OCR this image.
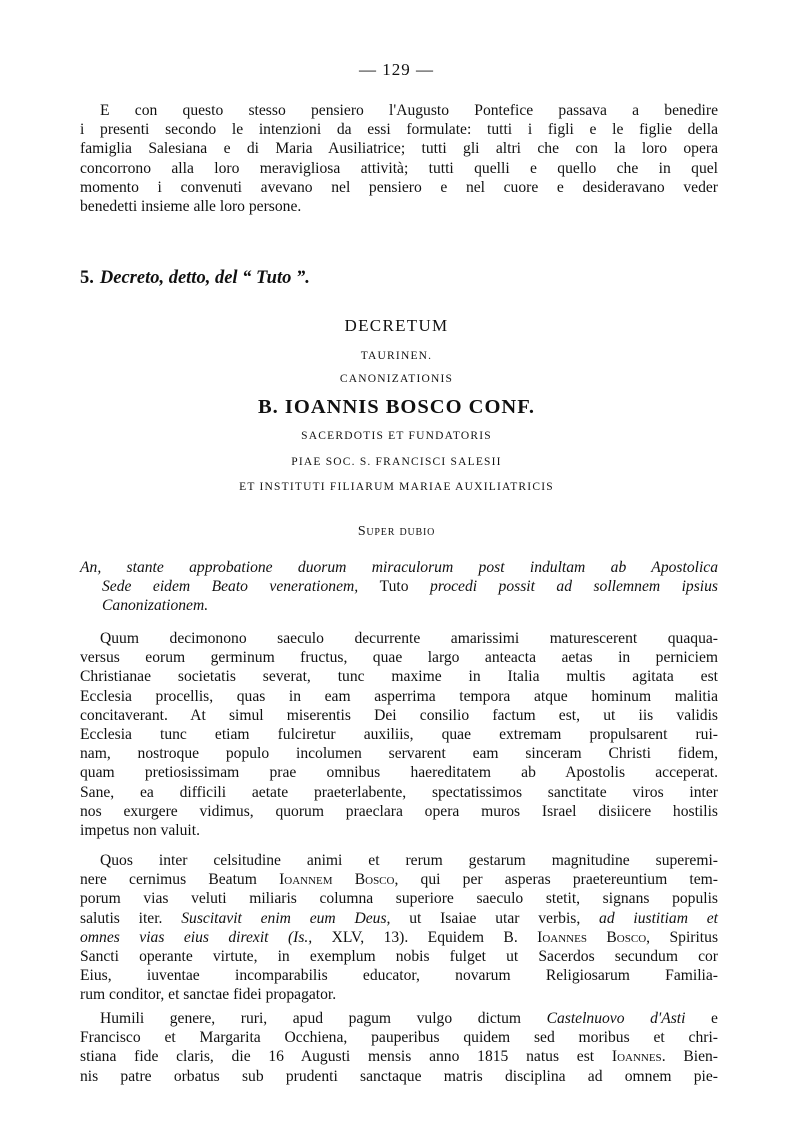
— 129 —
E con questo stesso pensiero l'Augusto Pontefice passava a benedire
i presenti secondo le intenzioni da essi formulate: tutti i figli e le figlie della
famiglia Salesiana e di Maria Ausiliatrice; tutti gli altri che con la loro opera
concorrono alla loro meravigliosa attività; tutti quelli e quello che in quel
momento i convenuti avevano nel pensiero e nel cuore e desideravano veder
benedetti insieme alle loro persone.
5. Decreto, detto, del “ Tuto ”.
DECRETUM
TAURINEN.
CANONIZATIONIS
B. IOANNIS BOSCO CONF.
SACERDOTIS ET FUNDATORIS
PIAE SOC. S. FRANCISCI SALESII
ET INSTITUTI FILIARUM MARIAE AUXILIATRICIS
Super dubio
An, stante approbatione duorum miraculorum post indultam ab Apostolica
Sede eidem Beato venerationem, Tuto procedi possit ad sollemnem ipsius
Canonizationem.
Quum decimonono saeculo decurrente amarissimi maturescerent quaqua-
versus eorum germinum fructus, quae largo anteacta aetas in perniciem
Christianae societatis severat, tunc maxime in Italia multis agitata est
Ecclesia procellis, quas in eam asperrima tempora atque hominum malitia
concitaverant. At simul miserentis Dei consilio factum est, ut iis validis
Ecclesia tunc etiam fulciretur auxiliis, quae extremam propulsarent rui-
nam, nostroque populo incolumen servarent eam sinceram Christi fidem,
quam pretiosissimam prae omnibus haereditatem ab Apostolis acceperat.
Sane, ea difficili aetate praeterlabente, spectatissimos sanctitate viros inter
nos exurgere vidimus, quorum praeclara opera muros Israel disiicere hostilis
impetus non valuit.
Quos inter celsitudine animi et rerum gestarum magnitudine superemi-
nere cernimus Beatum Ioannem Bosco, qui per asperas praetereuntium tem-
porum vias veluti miliaris columna superiore saeculo stetit, signans populis
salutis iter. Suscitavit enim eum Deus, ut Isaiae utar verbis, ad iustitiam et
omnes vias eius direxit (Is., XLV, 13). Equidem B. Ioannes Bosco, Spiritus
Sancti operante virtute, in exemplum nobis fulget ut Sacerdos secundum cor
Eius, iuventae incomparabilis educator, novarum Religiosarum Familia-
rum conditor, et sanctae fidei propagator.
Humili genere, ruri, apud pagum vulgo dictum Castelnuovo d'Asti e
Francisco et Margarita Occhiena, pauperibus quidem sed moribus et chri-
stiana fide claris, die 16 Augusti mensis anno 1815 natus est Ioannes. Bien-
nis patre orbatus sub prudenti sanctaque matris disciplina ad omnem pie-
